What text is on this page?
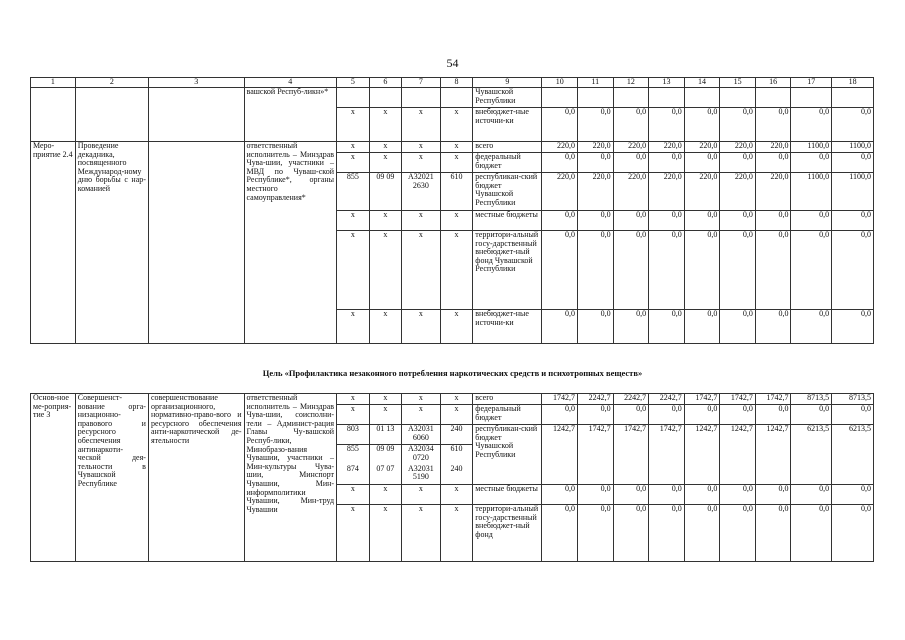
54
1	2	3	4	5	6	7	8	9	10	11	12	13	14	15	16	17	18
			вашской Респуб-ликн»*					Чувашской Республики									
				x	x	x	x	внебюджет-ные источни-ки	0,0	0,0	0,0	0,0	0,0	0,0	0,0	0,0	0,0
Меро-приятие 2.4	Проведение декадника, посвященного Международ-ному дню борьбы с нар-команией		ответственный исполнитель – Минздрав Чува-шии, участники – МВД по Чуваш-ской Республике*, органы местного самоуправления*	x	x	x	x	всего	220,0	220,0	220,0	220,0	220,0	220,0	220,0	1100,0	1100,0
				x	x	x	x	федеральный бюджет	0,0	0,0	0,0	0,0	0,0	0,0	0,0	0,0	0,0
				855	09 09	А32021 2630	610	республикан-ский бюджет Чувашской Республики	220,0	220,0	220,0	220,0	220,0	220,0	220,0	1100,0	1100,0
				x	x	x	x	местные бюджеты	0,0	0,0	0,0	0,0	0,0	0,0	0,0	0,0	0,0
				x	x	x	x	территори-альный госу-дарственный внебюджет-ный фонд Чувашской Республики	0,0	0,0	0,0	0,0	0,0	0,0	0,0	0,0	0,0
				x	x	x	x	внебюджет-ные источни-ки	0,0	0,0	0,0	0,0	0,0	0,0	0,0	0,0	0,0
Цель «Профилактика незаконного потребления наркотических средств и психотропных веществ»
Основ-ное ме-роприя-тие 3	Совершенст-вование орга-низационно-правового и ресурсного обеспечения антинаркоти-ческой дея-тельности в Чувашской Республике	совершенствование организационного, нормативно-право-вого и ресурсного обеспечения анти-наркотической де-ятельности	ответственный исполнитель – Минздрав Чува-шии, соисполни-тели – Админист-рация Главы Чу-вашской Респуб-лики, Минобразо-вания Чувашии, участники – Мин-культуры Чува-шии, Минспорт Чувашии, Мин-информполитики Чувашии, Мин-труд Чувашии	x	x	x	x	всего	1742,7	2242,7	2242,7	2242,7	1742,7	1742,7	1742,7	8713,5	8713,5
				x	x	x	x	федеральный бюджет	0,0	0,0	0,0	0,0	0,0	0,0	0,0	0,0	0,0
				803	01 13	А32031 6060	240	республикан-ский бюджет Чувашской Республики	1242,7	1742,7	1742,7	1742,7	1242,7	1242,7	1242,7	6213,5	6213,5
				855	09 09	А32034 0720	610										
				874	07 07	А32031 5190	240										
				x	x	x	x	местные бюджеты	0,0	0,0	0,0	0,0	0,0	0,0	0,0	0,0	0,0
				x	x	x	x	территори-альный госу-дарственный внебюджет-ный фонд	0,0	0,0	0,0	0,0	0,0	0,0	0,0	0,0	0,0
